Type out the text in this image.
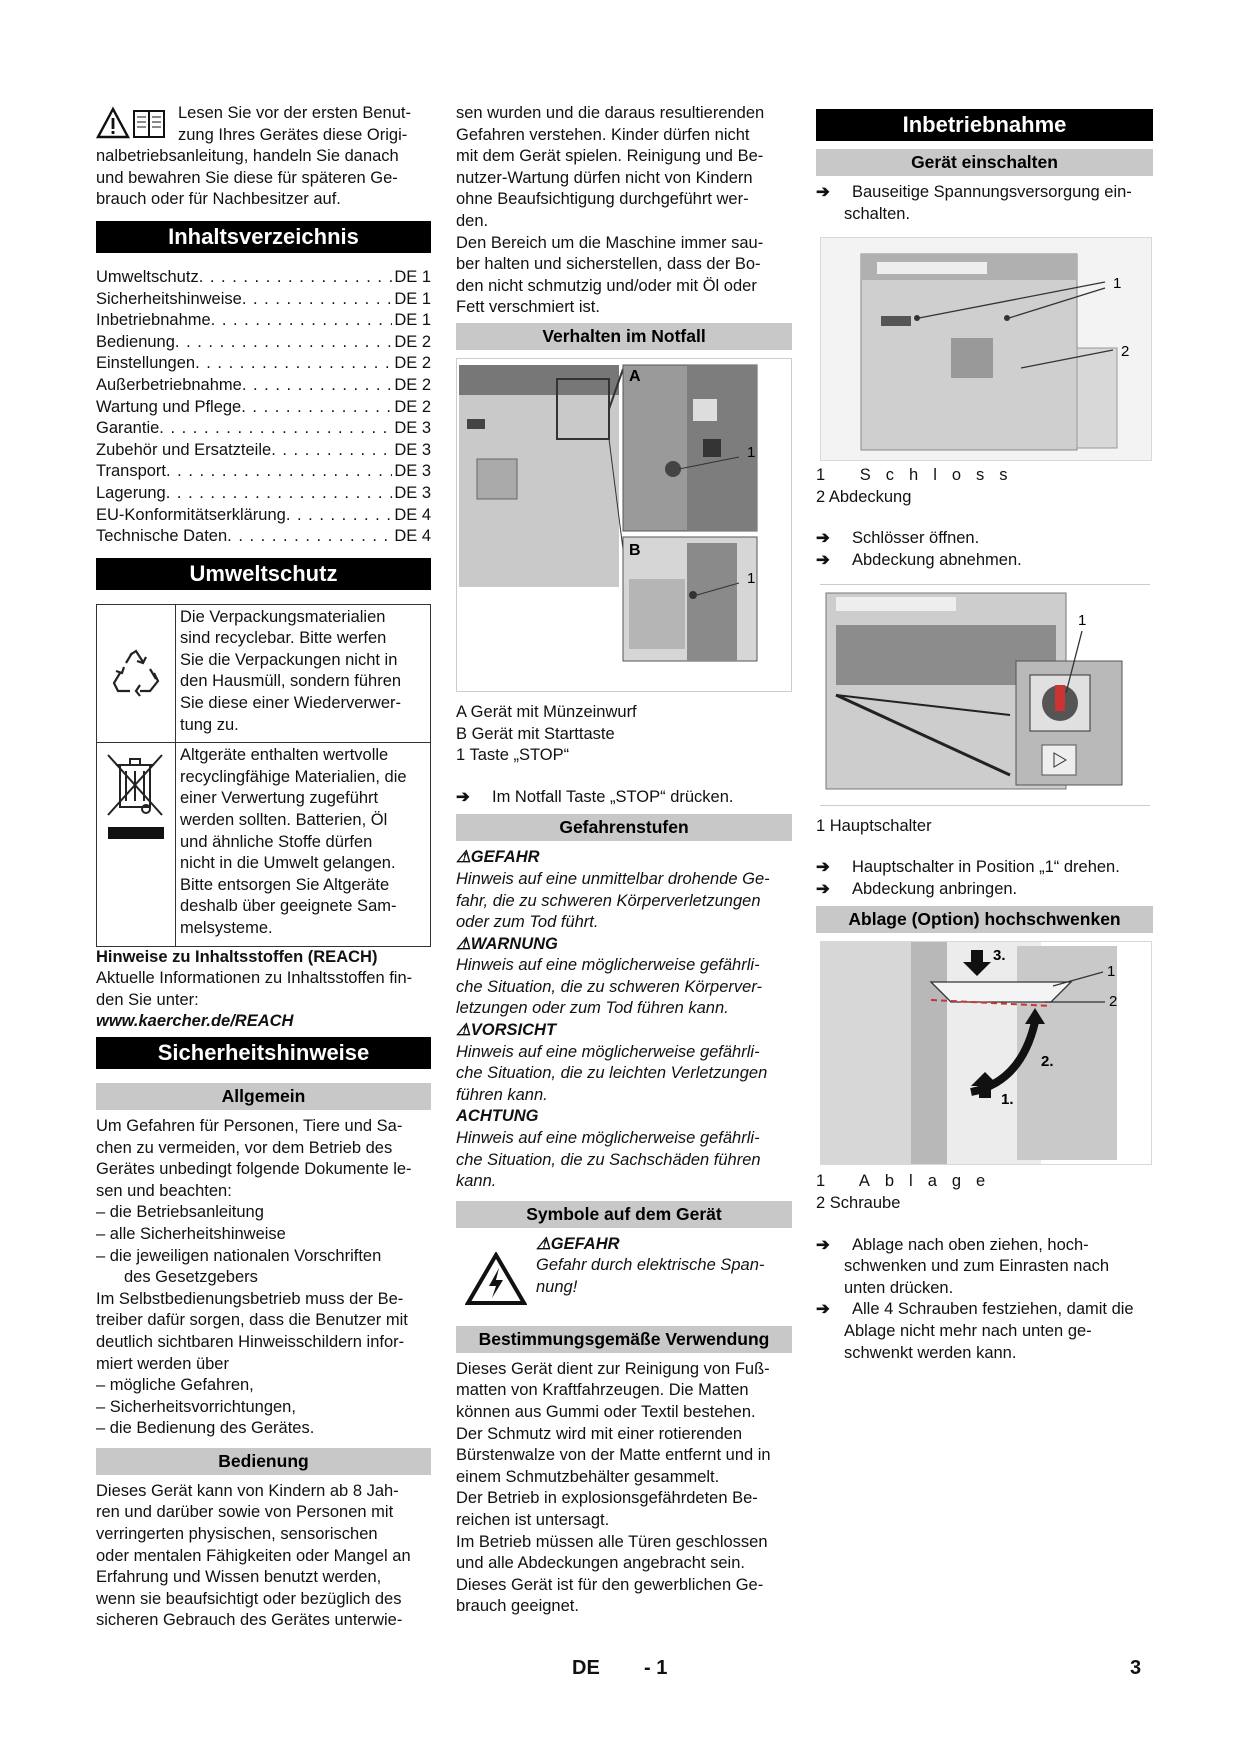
Lesen Sie vor der ersten Benut-

zung Ihres Gerätes diese Origi-

nalbetriebsanleitung, handeln Sie danach

und bewahren Sie diese für späteren Ge-

brauch oder für Nachbesitzer auf.

Inhaltsverzeichnis
Umweltschutz . . .	DE 1
Sicherheitshinweise . . .	DE 1
Inbetriebnahme . . .	DE 1
Bedienung . . .	DE 2
Einstellungen . . .	DE 2
Außerbetriebnahme . . .	DE 2
Wartung und Pflege . . .	DE 2
Garantie . . .	DE 3
Zubehör und Ersatzteile . . .	DE 3
Transport . . .	DE 3
Lagerung . . .	DE 3
EU-Konformitätserklärung . . .	DE 4
Technische Daten . . .	DE 4
Umweltschutz

Die Verpackungsmaterialien

sind recyclebar. Bitte werfen

Sie die Verpackungen nicht in

den Hausmüll, sondern führen

Sie diese einer Wiederverwer-

tung zu.

Altgeräte enthalten wertvolle

recyclingfähige Materialien, die

einer Verwertung zugeführt

werden sollten. Batterien, Öl

und ähnliche Stoffe dürfen

nicht in die Umwelt gelangen.

Bitte entsorgen Sie Altgeräte

deshalb über geeignete Sam-

melsysteme.

Hinweise zu Inhaltsstoffen (REACH)

Aktuelle Informationen zu Inhaltsstoffen fin-

den Sie unter:

www.kaercher.de/REACH

Sicherheitshinweise
Allgemein

Um Gefahren für Personen, Tiere und Sa-

chen zu vermeiden, vor dem Betrieb des

Gerätes unbedingt folgende Dokumente le-

sen und beachten:

– die Betriebsanleitung

– alle Sicherheitshinweise

– die jeweiligen nationalen Vorschriften

des Gesetzgebers

Im Selbstbedienungsbetrieb muss der Be-

treiber dafür sorgen, dass die Benutzer mit

deutlich sichtbaren Hinweisschildern infor-

miert werden über

– mögliche Gefahren,

– Sicherheitsvorrichtungen,

– die Bedienung des Gerätes.

Bedienung

Dieses Gerät kann von Kindern ab 8 Jah-

ren und darüber sowie von Personen mit

verringerten physischen, sensorischen

oder mentalen Fähigkeiten oder Mangel an

Erfahrung und Wissen benutzt werden,

wenn sie beaufsichtigt oder bezüglich des

sicheren Gebrauch des Gerätes unterwie-

sen wurden und die daraus resultierenden

Gefahren verstehen. Kinder dürfen nicht

mit dem Gerät spielen. Reinigung und Be-

nutzer-Wartung dürfen nicht von Kindern

ohne Beaufsichtigung durchgeführt wer-

den.

Den Bereich um die Maschine immer sau-

ber halten und sicherstellen, dass der Bo-

den nicht schmutzig und/oder mit Öl oder

Fett verschmiert ist.

Verhalten im Notfall
A
1
B
1

A Gerät mit Münzeinwurf

B Gerät mit Starttaste

1 Taste „STOP“

➔	Im Notfall Taste „STOP“ drücken.
Gefahrenstufen

⚠GEFAHR

Hinweis auf eine unmittelbar drohende Ge-

fahr, die zu schweren Körperverletzungen

oder zum Tod führt.

⚠WARNUNG

Hinweis auf eine möglicherweise gefährli-

che Situation, die zu schweren Körperver-

letzungen oder zum Tod führen kann.

⚠VORSICHT

Hinweis auf eine möglicherweise gefährli-

che Situation, die zu leichten Verletzungen

führen kann.

ACHTUNG

Hinweis auf eine möglicherweise gefährli-

che Situation, die zu Sachschäden führen

kann.

Symbole auf dem Gerät

⚠GEFAHR

Gefahr durch elektrische Span-

nung!

Bestimmungsgemäße Verwendung

Dieses Gerät dient zur Reinigung von Fuß-

matten von Kraftfahrzeugen. Die Matten

können aus Gummi oder Textil bestehen.

Der Schmutz wird mit einer rotierenden

Bürstenwalze von der Matte entfernt und in

einem Schmutzbehälter gesammelt.

Der Betrieb in explosionsgefährdeten Be-

reichen ist untersagt.

Im Betrieb müssen alle Türen geschlossen

und alle Abdeckungen angebracht sein.

Dieses Gerät ist für den gewerblichen Ge-

brauch geeignet.

Inbetriebnahme
Gerät einschalten
➔	Bauseitige Spannungsversorgung ein-

schalten.

1
2

1 Schloss

2 Abdeckung

➔	Schlösser öffnen.
➔	Abdeckung abnehmen.
1

1 Hauptschalter

➔	Hauptschalter in Position „1“ drehen.
➔	Abdeckung anbringen.
Ablage (Option) hochschwenken
3.
2.
1.
1
2

1 Ablage

2 Schraube

➔	Ablage nach oben ziehen, hoch-

schwenken und zum Einrasten nach

unten drücken.

➔	Alle 4 Schrauben festziehen, damit die

Ablage nicht mehr nach unten ge-

schwenkt werden kann.

DE - 1	3
